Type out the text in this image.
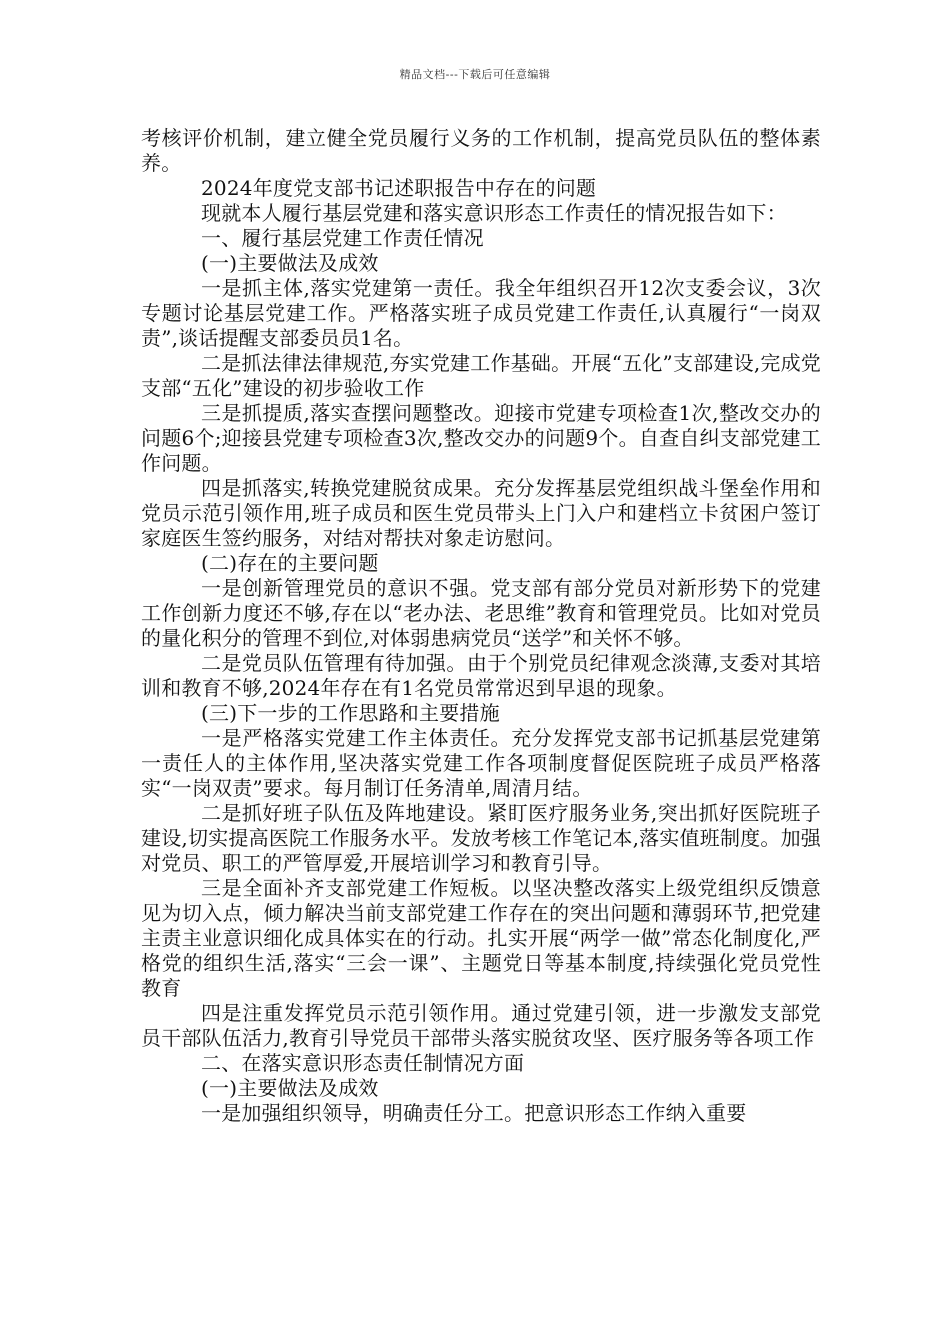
精品文档---下载后可任意编辑

考核评价机制，建立健全党员履行义务的工作机制，提高党员队伍的整体素养。

2024年度党支部书记述职报告中存在的问题

现就本人履行基层党建和落实意识形态工作责任的情况报告如下：

一、履行基层党建工作责任情况

(一)主要做法及成效

一是抓主体,落实党建第一责任。我全年组织召开12次支委会议，3次专题讨论基层党建工作。严格落实班子成员党建工作责任,认真履行“一岗双责”,谈话提醒支部委员员1名。

二是抓法律法律规范,夯实党建工作基础。开展“五化”支部建设,完成党支部“五化”建设的初步验收工作

三是抓提质,落实查摆问题整改。迎接市党建专项检查1次,整改交办的问题6个;迎接县党建专项检查3次,整改交办的问题9个。自查自纠支部党建工作问题。

四是抓落实,转换党建脱贫成果。充分发挥基层党组织战斗堡垒作用和党员示范引领作用,班子成员和医生党员带头上门入户和建档立卡贫困户签订家庭医生签约服务，对结对帮扶对象走访慰问。

(二)存在的主要问题

一是创新管理党员的意识不强。党支部有部分党员对新形势下的党建工作创新力度还不够,存在以“老办法、老思维”教育和管理党员。比如对党员的量化积分的管理不到位,对体弱患病党员“送学”和关怀不够。

二是党员队伍管理有待加强。由于个别党员纪律观念淡薄,支委对其培训和教育不够,2024年存在有1名党员常常迟到早退的现象。

(三)下一步的工作思路和主要措施

一是严格落实党建工作主体责任。充分发挥党支部书记抓基层党建第一责任人的主体作用,坚决落实党建工作各项制度督促医院班子成员严格落实“一岗双责”要求。每月制订任务清单,周清月结。

二是抓好班子队伍及阵地建设。紧盯医疗服务业务,突出抓好医院班子建设,切实提高医院工作服务水平。发放考核工作笔记本,落实值班制度。加强对党员、职工的严管厚爱,开展培训学习和教育引导。

三是全面补齐支部党建工作短板。以坚决整改落实上级党组织反馈意见为切入点，倾力解决当前支部党建工作存在的突出问题和薄弱环节,把党建主责主业意识细化成具体实在的行动。扎实开展“两学一做”常态化制度化,严格党的组织生活,落实“三会一课”、主题党日等基本制度,持续强化党员党性教育

四是注重发挥党员示范引领作用。通过党建引领，进一步激发支部党员干部队伍活力,教育引导党员干部带头落实脱贫攻坚、医疗服务等各项工作

二、在落实意识形态责任制情况方面

(一)主要做法及成效

一是加强组织领导，明确责任分工。把意识形态工作纳入重要
